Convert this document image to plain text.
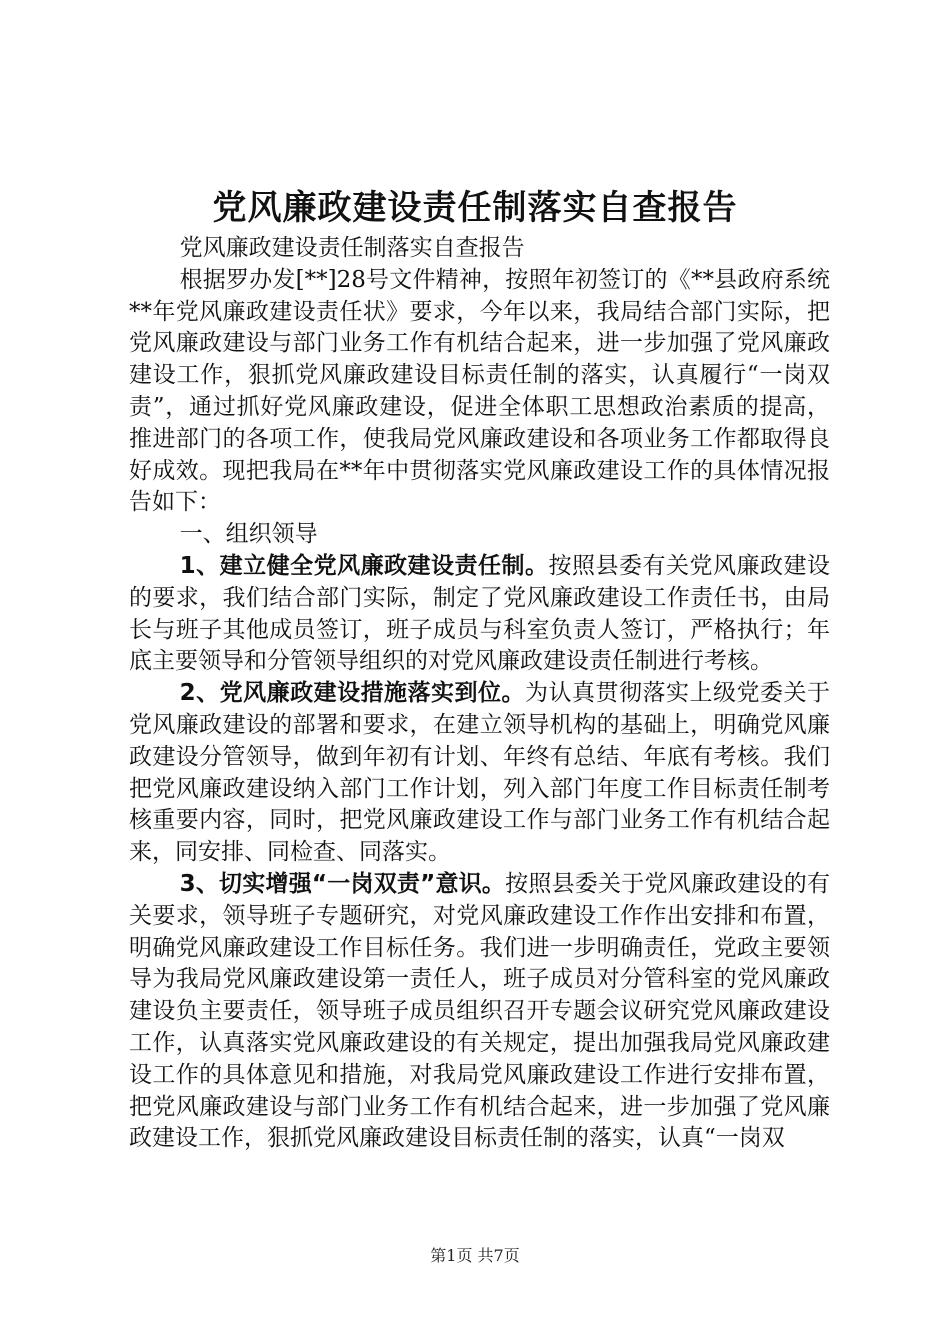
党风廉政建设责任制落实自查报告

党风廉政建设责任制落实自查报告

根据罗办发[**]28号文件精神，按照年初签订的《**县政府系统**年党风廉政建设责任状》要求，今年以来，我局结合部门实际，把党风廉政建设与部门业务工作有机结合起来，进一步加强了党风廉政建设工作，狠抓党风廉政建设目标责任制的落实，认真履行“一岗双责”，通过抓好党风廉政建设，促进全体职工思想政治素质的提高，推进部门的各项工作，使我局党风廉政建设和各项业务工作都取得良好成效。现把我局在**年中贯彻落实党风廉政建设工作的具体情况报告如下：

一、组织领导

1、建立健全党风廉政建设责任制。按照县委有关党风廉政建设的要求，我们结合部门实际，制定了党风廉政建设工作责任书，由局长与班子其他成员签订，班子成员与科室负责人签订，严格执行；年底主要领导和分管领导组织的对党风廉政建设责任制进行考核。

2、党风廉政建设措施落实到位。为认真贯彻落实上级党委关于党风廉政建设的部署和要求，在建立领导机构的基础上，明确党风廉政建设分管领导，做到年初有计划、年终有总结、年底有考核。我们把党风廉政建设纳入部门工作计划，列入部门年度工作目标责任制考核重要内容，同时，把党风廉政建设工作与部门业务工作有机结合起来，同安排、同检查、同落实。

3、切实增强“一岗双责”意识。按照县委关于党风廉政建设的有关要求，领导班子专题研究，对党风廉政建设工作作出安排和布置，明确党风廉政建设工作目标任务。我们进一步明确责任，党政主要领导为我局党风廉政建设第一责任人，班子成员对分管科室的党风廉政建设负主要责任，领导班子成员组织召开专题会议研究党风廉政建设工作，认真落实党风廉政建设的有关规定，提出加强我局党风廉政建设工作的具体意见和措施，对我局党风廉政建设工作进行安排布置，把党风廉政建设与部门业务工作有机结合起来，进一步加强了党风廉政建设工作，狠抓党风廉政建设目标责任制的落实，认真“一岗双

第1页 共7页
